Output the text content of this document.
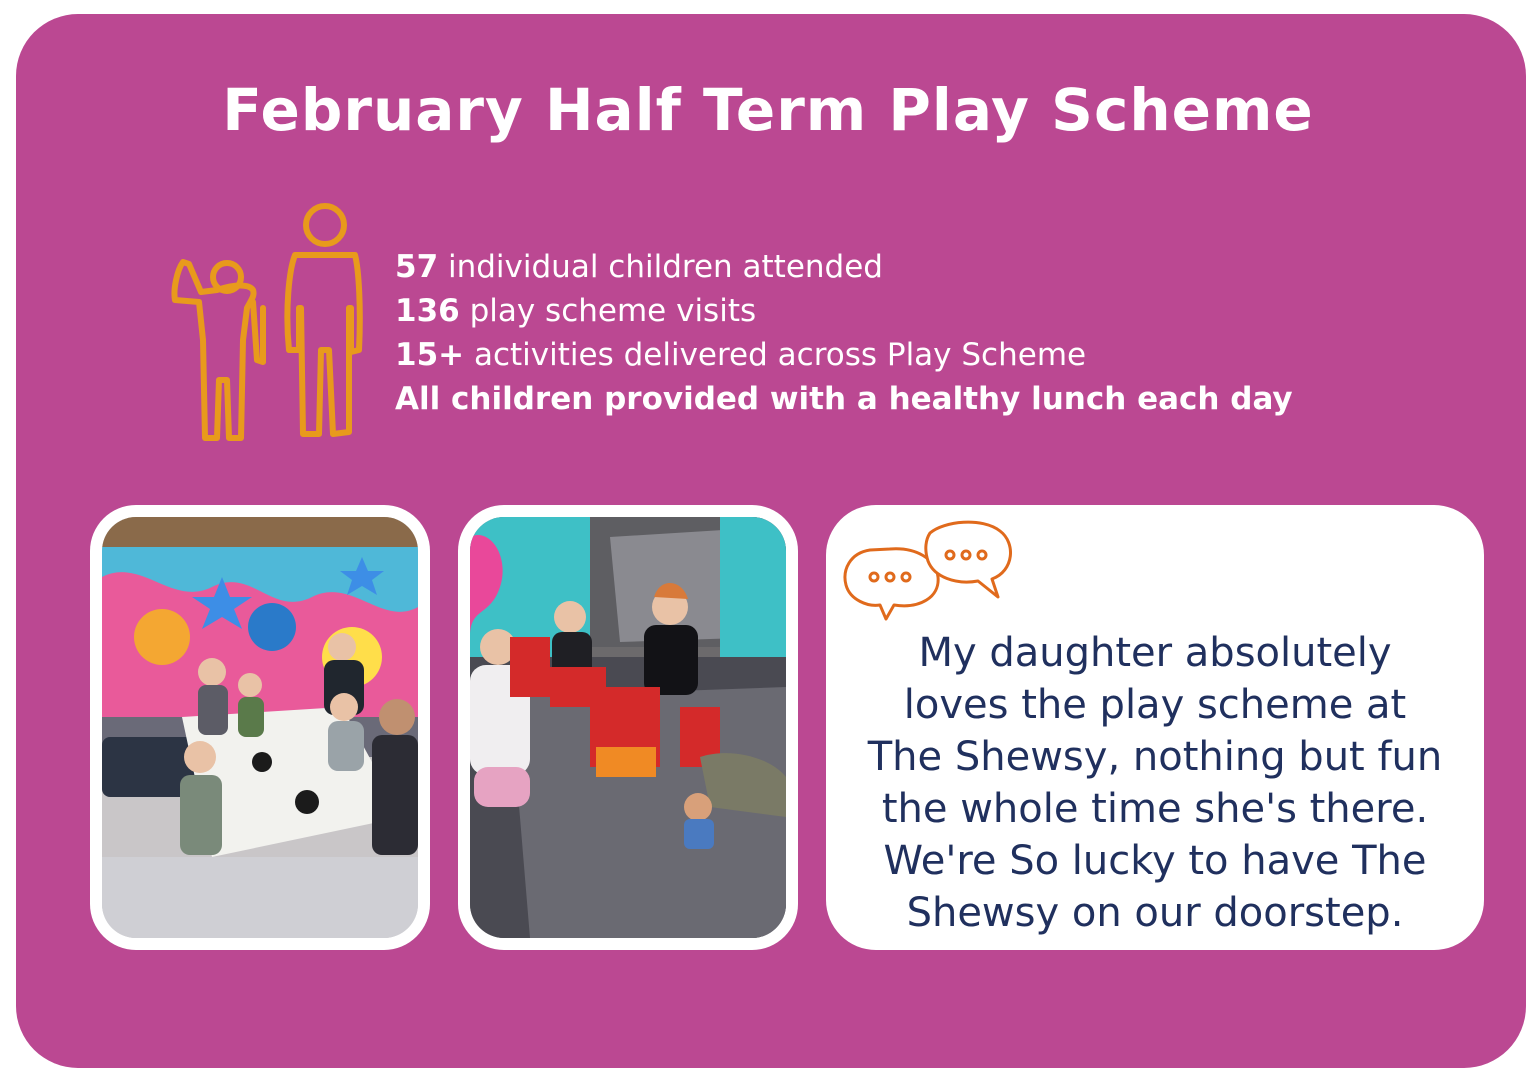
February Half Term Play Scheme
57 individual children attended
136 play scheme visits
15+ activities delivered across Play Scheme
All children provided with a healthy lunch each day
My daughter absolutely
loves the play scheme at
The Shewsy, nothing but fun
the whole time she's there.
We're So lucky to have The
Shewsy on our doorstep.
